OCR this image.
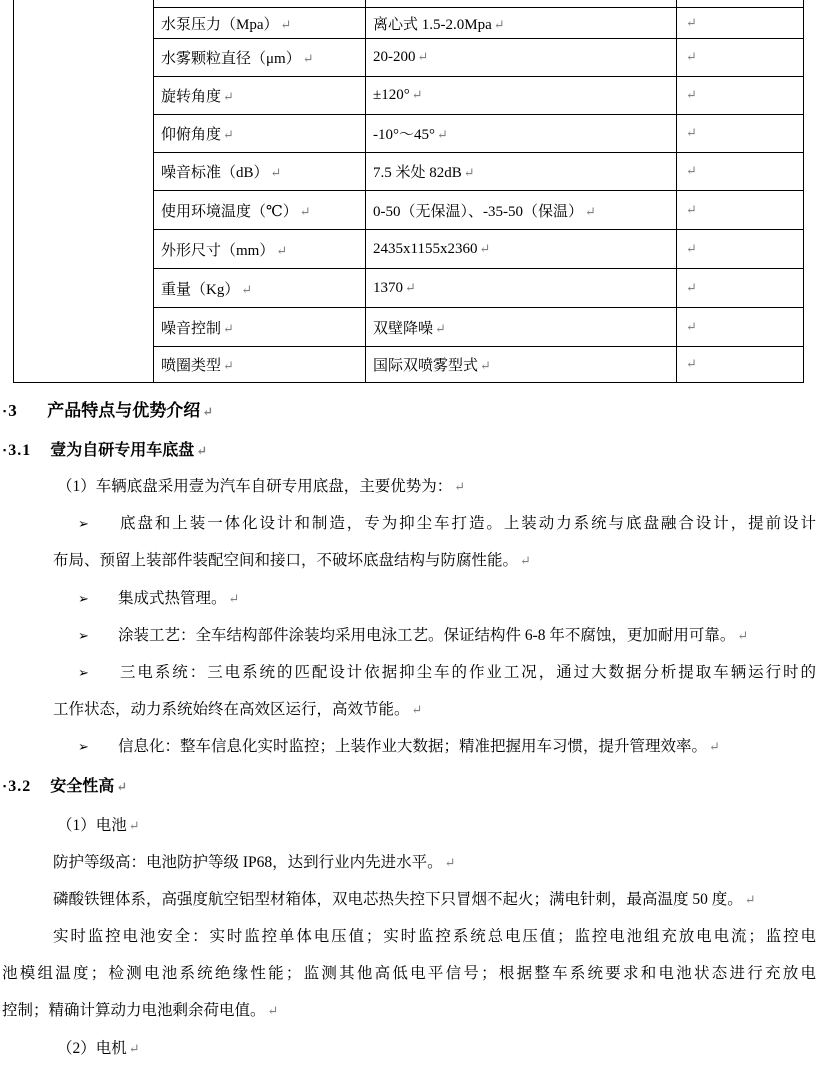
	水泵压力（Mpa） ↵	离心式 1.5-2.0Mpa ↵	↵
	水雾颗粒直径（μm） ↵	20-200 ↵	↵
	旋转角度 ↵	±120° ↵	↵
	仰俯角度 ↵	-10°～45° ↵	↵
	噪音标准（dB） ↵	7.5 米处 82dB ↵	↵
	使用环境温度（℃） ↵	0-50（无保温）、-35-50（保温） ↵	↵
	外形尺寸（mm） ↵	2435x1155x2360 ↵	↵
	重量（Kg） ↵	1370 ↵	↵
	噪音控制 ↵	双壁降噪 ↵	↵
	喷圈类型 ↵	国际双喷雾型式 ↵	↵
▪ 3 产品特点与优势介绍 ↵
▪ 3.1 壹为自研专用车底盘 ↵
（1）车辆底盘采用壹为汽车自研专用底盘，主要优势为： ↵
➢ 底盘和上装一体化设计和制造，专为抑尘车打造。上装动力系统与底盘融合设计，提前设计
布局、预留上装部件装配空间和接口，不破坏底盘结构与防腐性能。 ↵
➢ 集成式热管理。 ↵
➢ 涂装工艺：全车结构部件涂装均采用电泳工艺。保证结构件 6-8 年不腐蚀，更加耐用可靠。 ↵
➢ 三电系统：三电系统的匹配设计依据抑尘车的作业工况，通过大数据分析提取车辆运行时的
工作状态，动力系统始终在高效区运行，高效节能。 ↵
➢ 信息化：整车信息化实时监控；上装作业大数据；精准把握用车习惯，提升管理效率。 ↵
▪ 3.2 安全性高 ↵
（1）电池 ↵
防护等级高：电池防护等级 IP68，达到行业内先进水平。 ↵
磷酸铁锂体系，高强度航空铝型材箱体，双电芯热失控下只冒烟不起火；满电针刺，最高温度 50 度。 ↵
实时监控电池安全：实时监控单体电压值；实时监控系统总电压值；监控电池组充放电电流；监控电
池模组温度；检测电池系统绝缘性能；监测其他高低电平信号；根据整车系统要求和电池状态进行充放电
控制；精确计算动力电池剩余荷电值。 ↵
（2）电机 ↵
